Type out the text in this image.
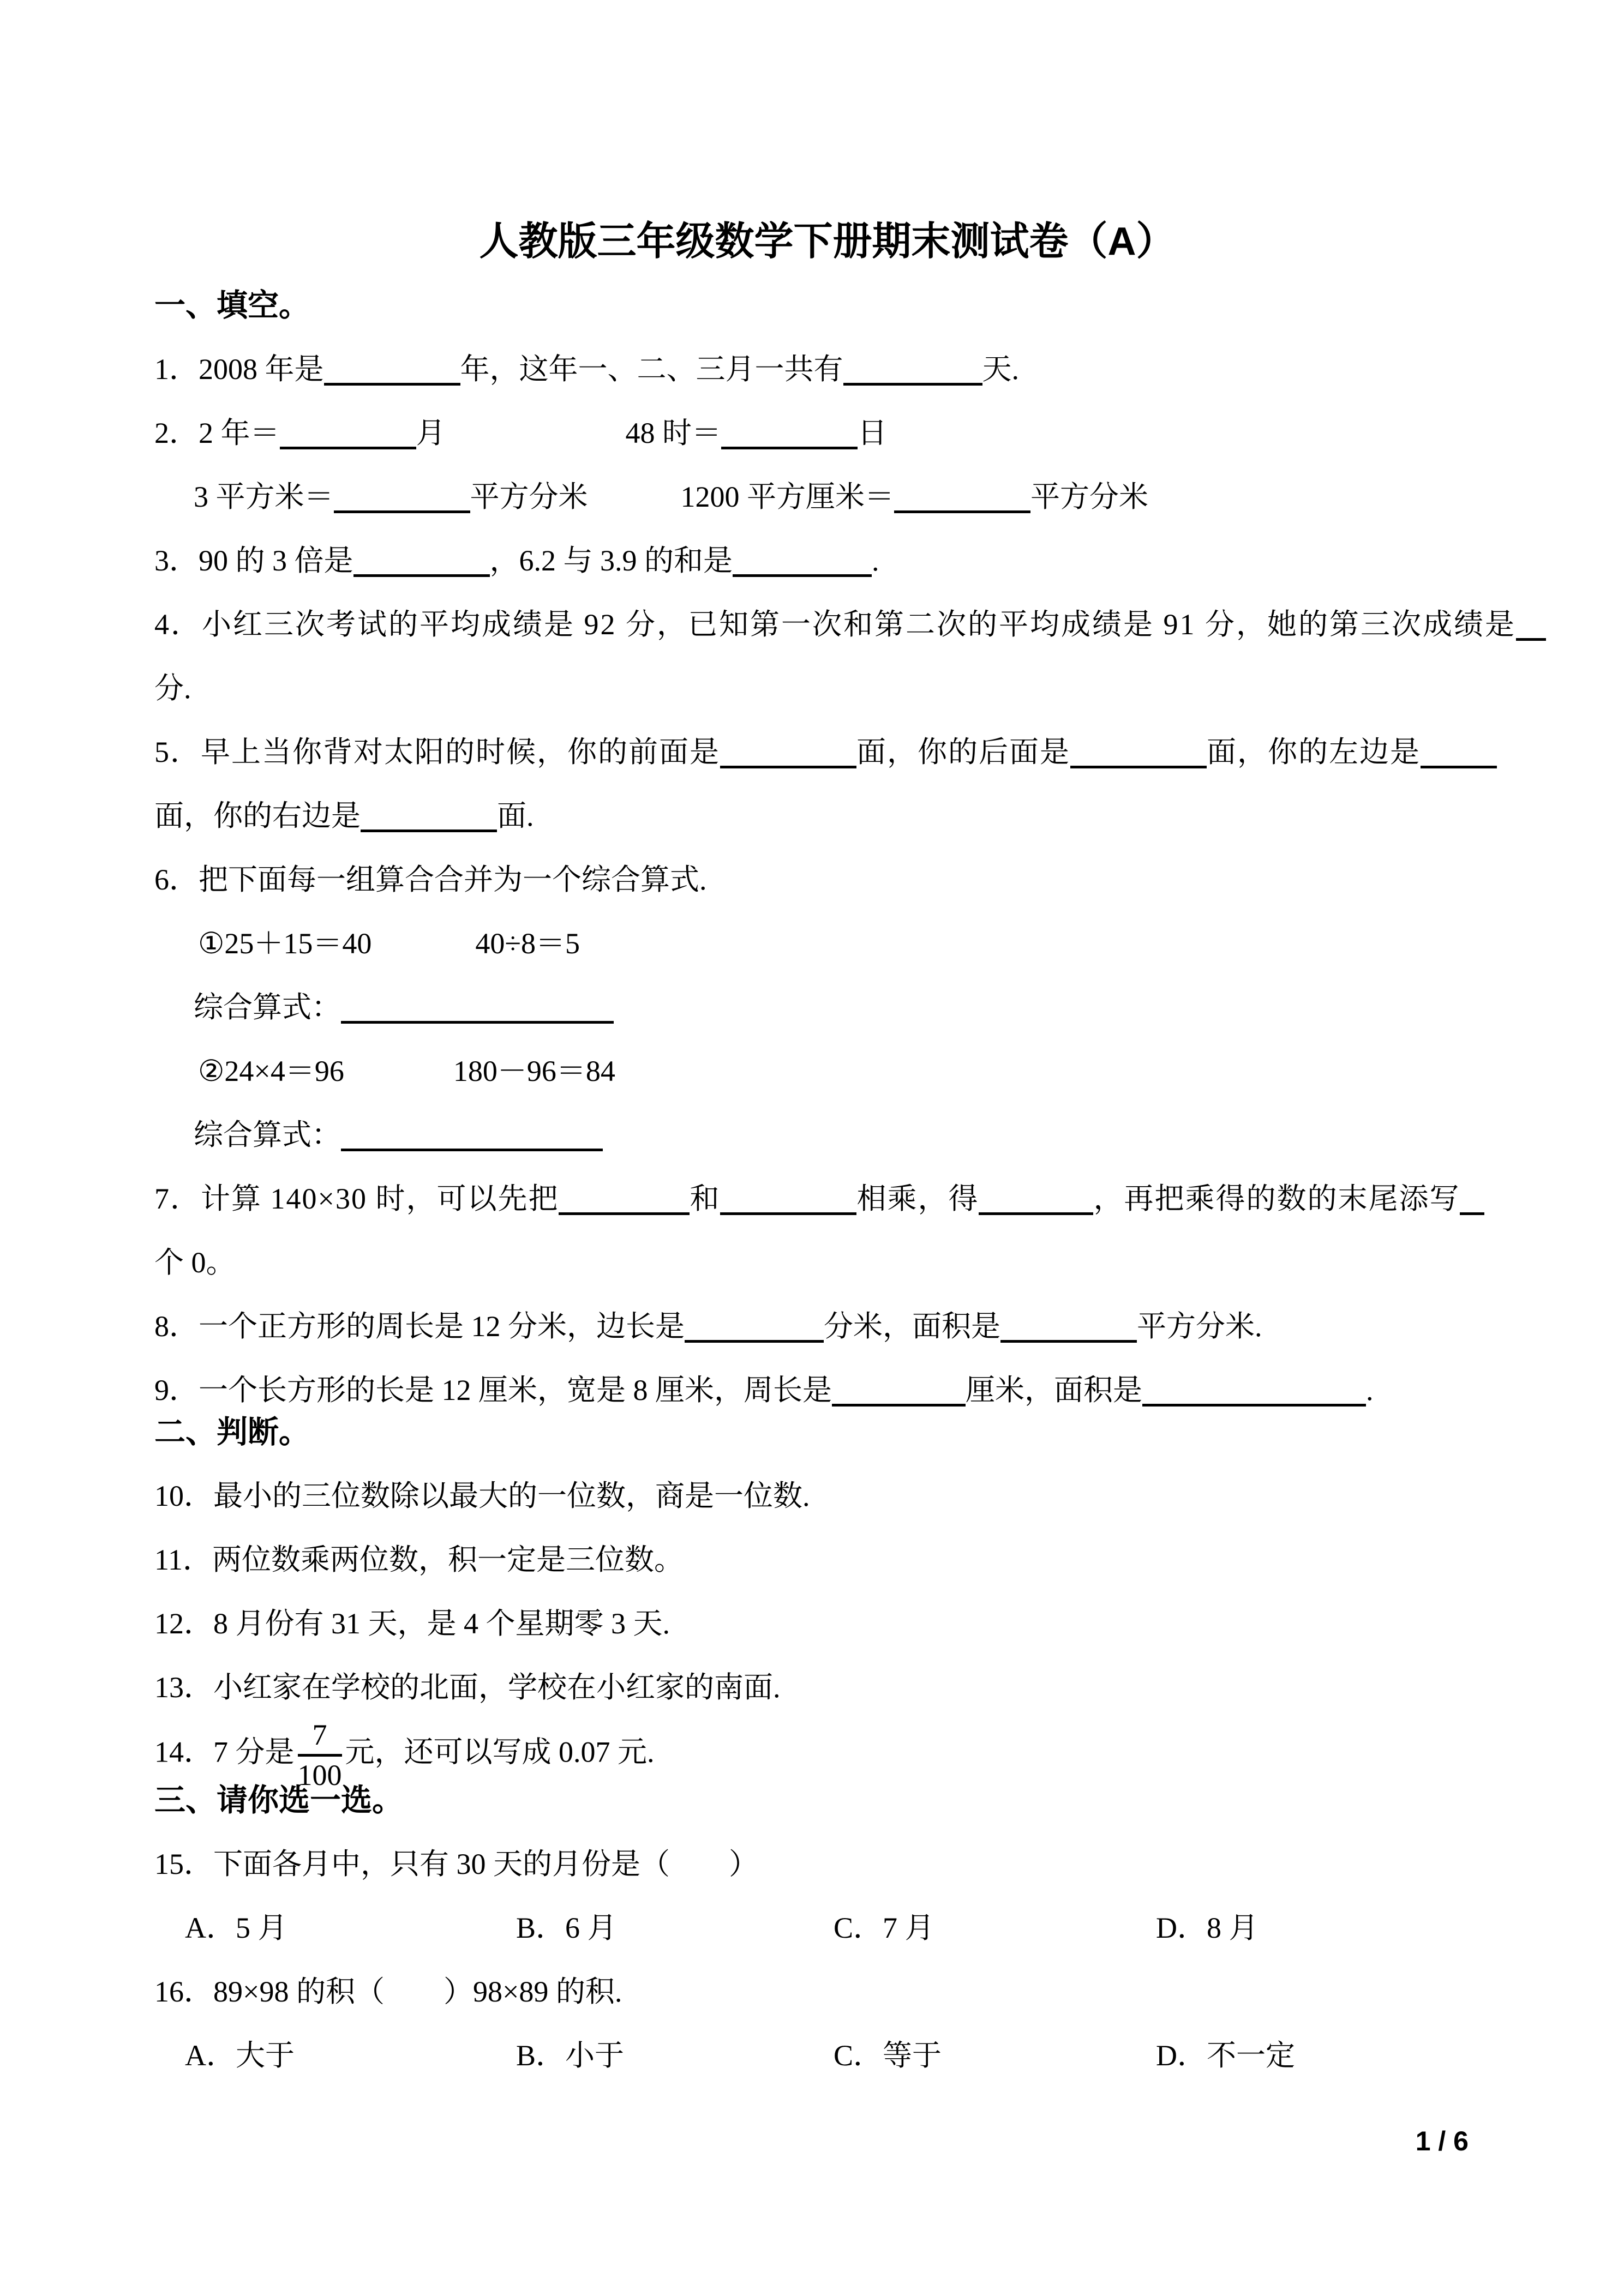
人教版三年级数学下册期末测试卷（A）
一、填空。
1．2008 年是	年，这年一、二、三月一共有	天.
2．2 年＝	月	48 时＝	日
3 平方米＝	平方分米	1200 平方厘米＝	平方分米
3．90 的 3 倍是	，6.2 与 3.9 的和是	.
4．小红三次考试的平均成绩是 92 分，已知第一次和第二次的平均成绩是 91 分，她的第三次成绩是
分.
5．早上当你背对太阳的时候，你的前面是	面，你的后面是	面，你的左边是
面，你的右边是	面.
6．把下面每一组算合合并为一个综合算式.
①25＋15＝40	40÷8＝5
综合算式：
②24×4＝96	180－96＝84
综合算式：
7．计算 140×30 时，可以先把	和	相乘，得	，再把乘得的数的末尾添写
个 0。
8．一个正方形的周长是 12 分米，边长是	分米，面积是	平方分米.
9．一个长方形的长是 12 厘米，宽是 8 厘米，周长是	厘米，面积是	.
二、判断。
10．最小的三位数除以最大的一位数，商是一位数.
11．两位数乘两位数，积一定是三位数。
12．8 月份有 31 天，是 4 个星期零 3 天.
13．小红家在学校的北面，学校在小红家的南面.
14．7 分是 $\frac{7}{100}$ 元，还可以写成 0.07 元.
三、请你选一选。
15．下面各月中，只有 30 天的月份是（　　）
A．5 月	B．6 月	C．7 月	D．8 月
16．89×98 的积（　　）98×89 的积.
A．大于	B．小于	C．等于	D．不一定
1 / 6
